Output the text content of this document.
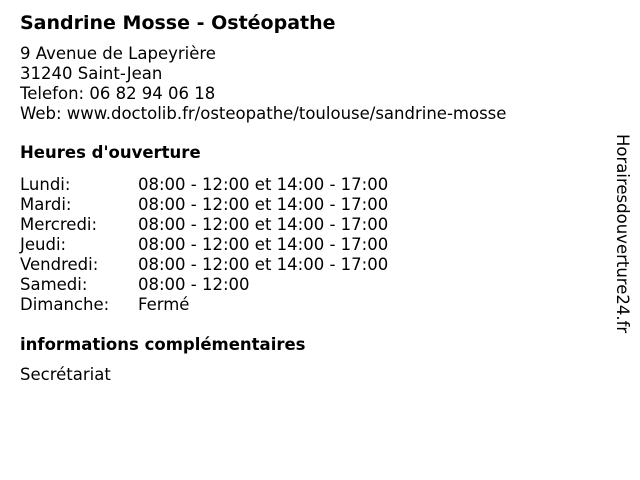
Sandrine Mosse - Ostéopathe
9 Avenue de Lapeyrière
31240 Saint-Jean
Telefon: 06 82 94 06 18
Web: www.doctolib.fr/osteopathe/toulouse/sandrine-mosse
Heures d'ouverture
Lundi:	08:00 - 12:00 et 14:00 - 17:00
Mardi:	08:00 - 12:00 et 14:00 - 17:00
Mercredi:	08:00 - 12:00 et 14:00 - 17:00
Jeudi:	08:00 - 12:00 et 14:00 - 17:00
Vendredi:	08:00 - 12:00 et 14:00 - 17:00
Samedi:	08:00 - 12:00
Dimanche:	Fermé
informations complémentaires
Secrétariat
Horairesdouverture24.fr
